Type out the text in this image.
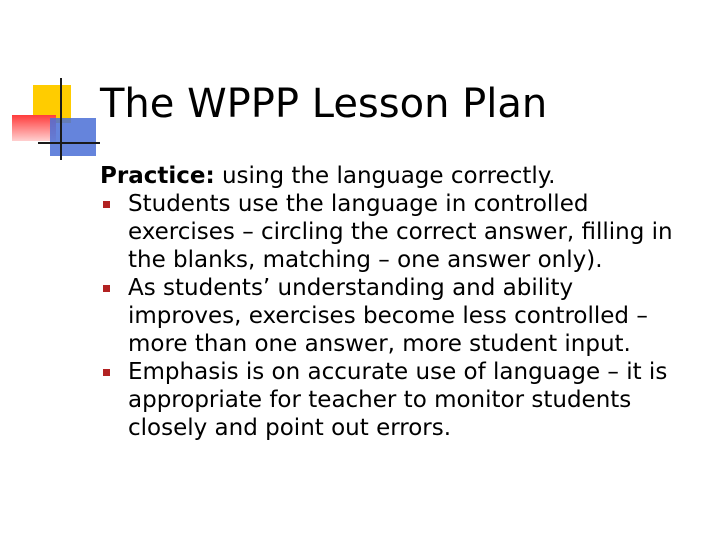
The WPPP Lesson Plan

Practice: using the language correctly.

Students use the language in controlled exercises – circling the correct answer, filling in the blanks, matching – one answer only).
As students’ understanding and ability improves, exercises become less controlled – more than one answer, more student input.
Emphasis is on accurate use of language – it is appropriate for teacher to monitor students closely and point out errors.
